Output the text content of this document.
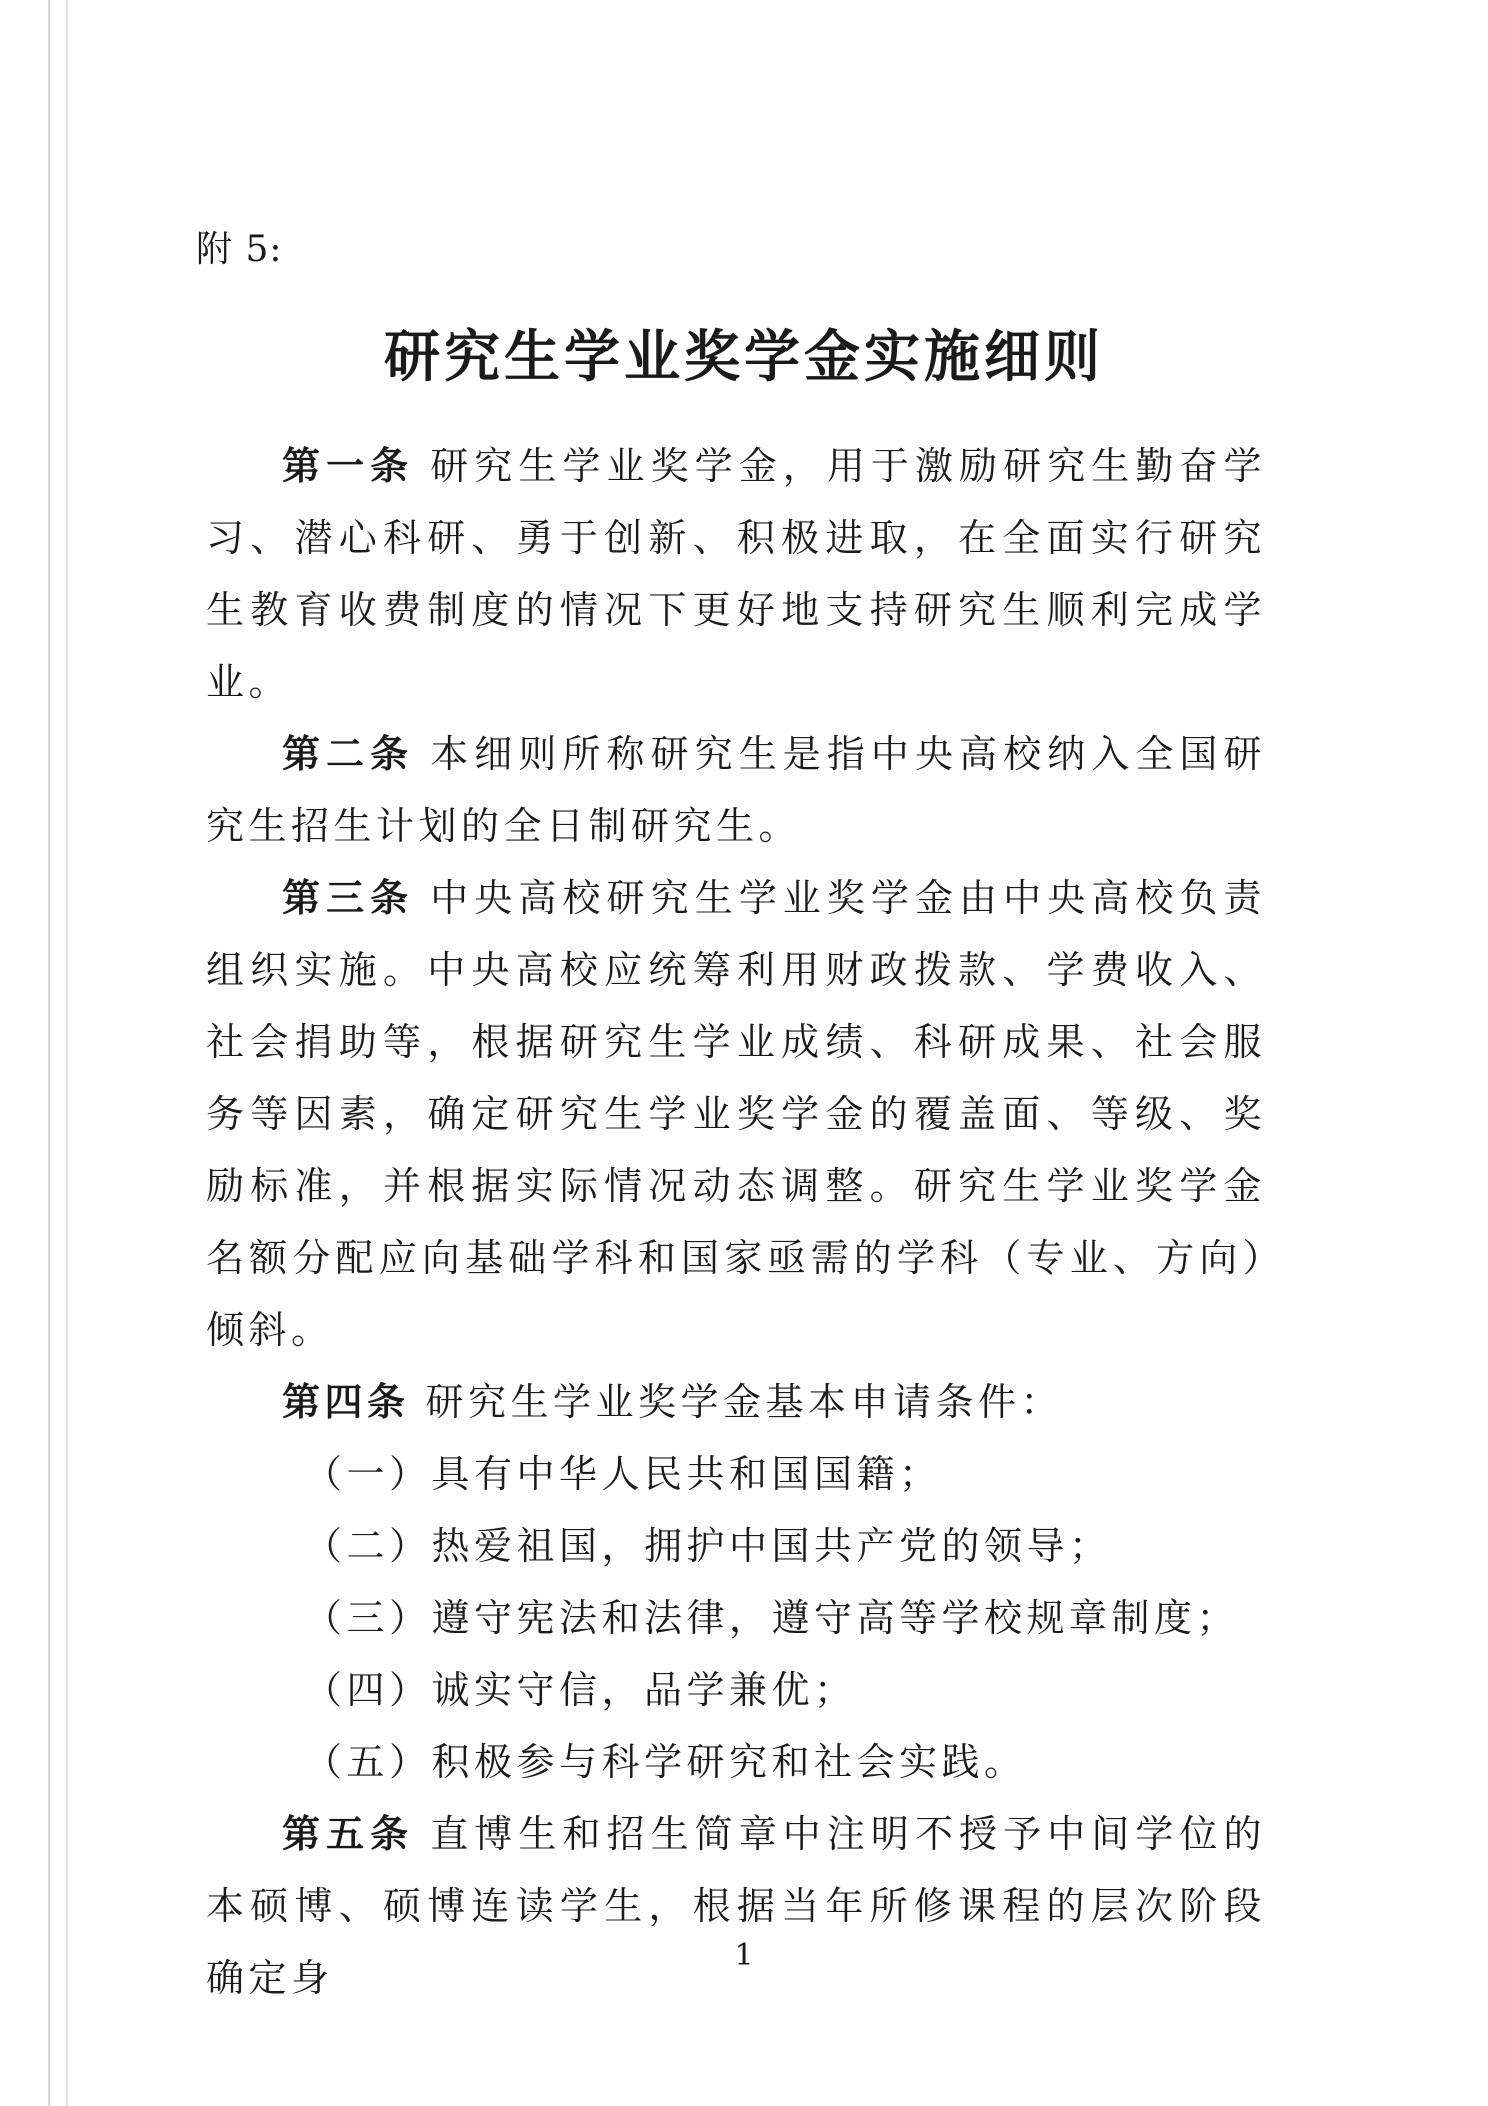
附 5:
研究生学业奖学金实施细则

第一条 研究生学业奖学金，用于激励研究生勤奋学习、潜心科研、勇于创新、积极进取，在全面实行研究生教育收费制度的情况下更好地支持研究生顺利完成学业。

第二条 本细则所称研究生是指中央高校纳入全国研究生招生计划的全日制研究生。

第三条 中央高校研究生学业奖学金由中央高校负责组织实施。中央高校应统筹利用财政拨款、学费收入、社会捐助等，根据研究生学业成绩、科研成果、社会服务等因素，确定研究生学业奖学金的覆盖面、等级、奖励标准，并根据实际情况动态调整。研究生学业奖学金名额分配应向基础学科和国家亟需的学科（专业、方向）倾斜。

第四条 研究生学业奖学金基本申请条件：

（一）具有中华人民共和国国籍；

（二）热爱祖国，拥护中国共产党的领导；

（三）遵守宪法和法律，遵守高等学校规章制度；

（四）诚实守信，品学兼优；

（五）积极参与科学研究和社会实践。

第五条 直博生和招生简章中注明不授予中间学位的本硕博、硕博连读学生，根据当年所修课程的层次阶段确定身

1
